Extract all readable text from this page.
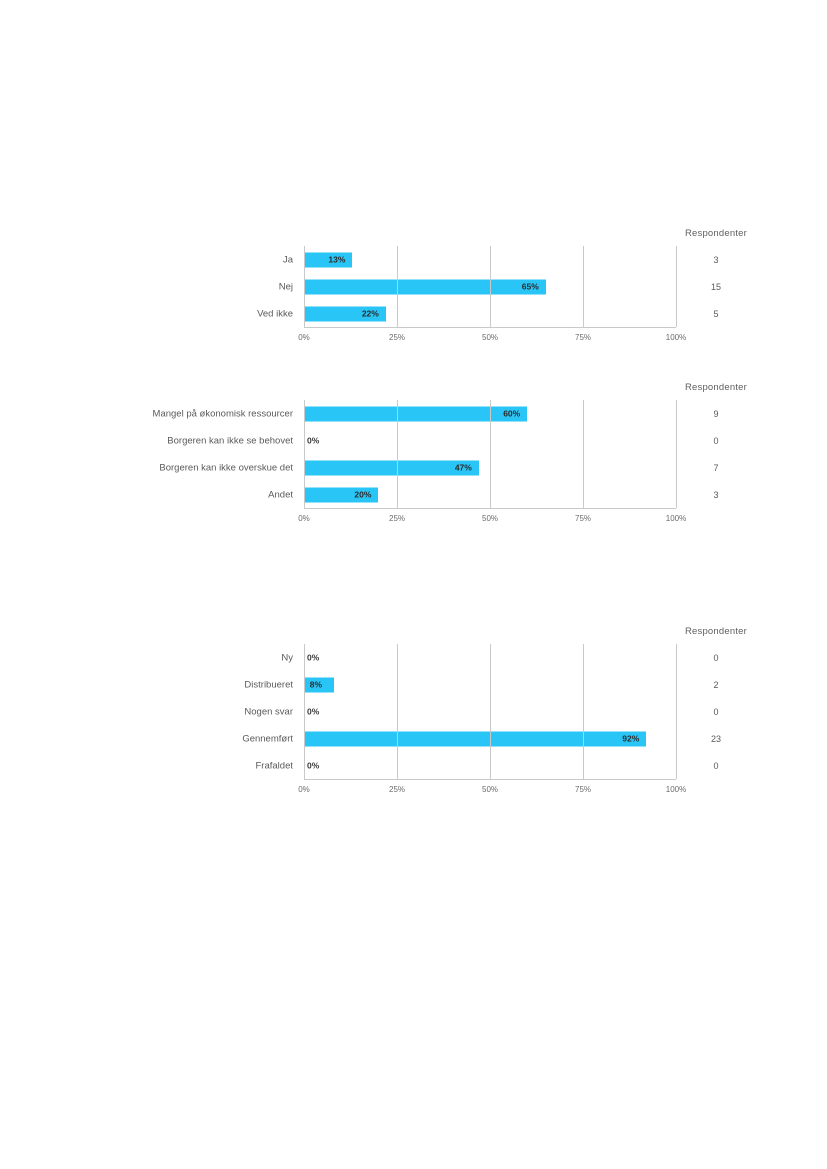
Respondenter
Ja	13%	3
Nej	65%	15
Ved ikke	22%	5
0%	25%	50%	75%	100%
Respondenter
Mangel på økonomisk ressourcer	60%	9
Borgeren kan ikke se behovet 0%	0
Borgeren kan ikke overskue det	47%	7
Andet	20%	3
0%	25%	50%	75%	100%
Respondenter
Ny 0%	0
Distribueret 8%	2
Nogen svar 0%	0
Gennemført	92%	23
Frafaldet 0%	0
0%	25%	50%	75%	100%
